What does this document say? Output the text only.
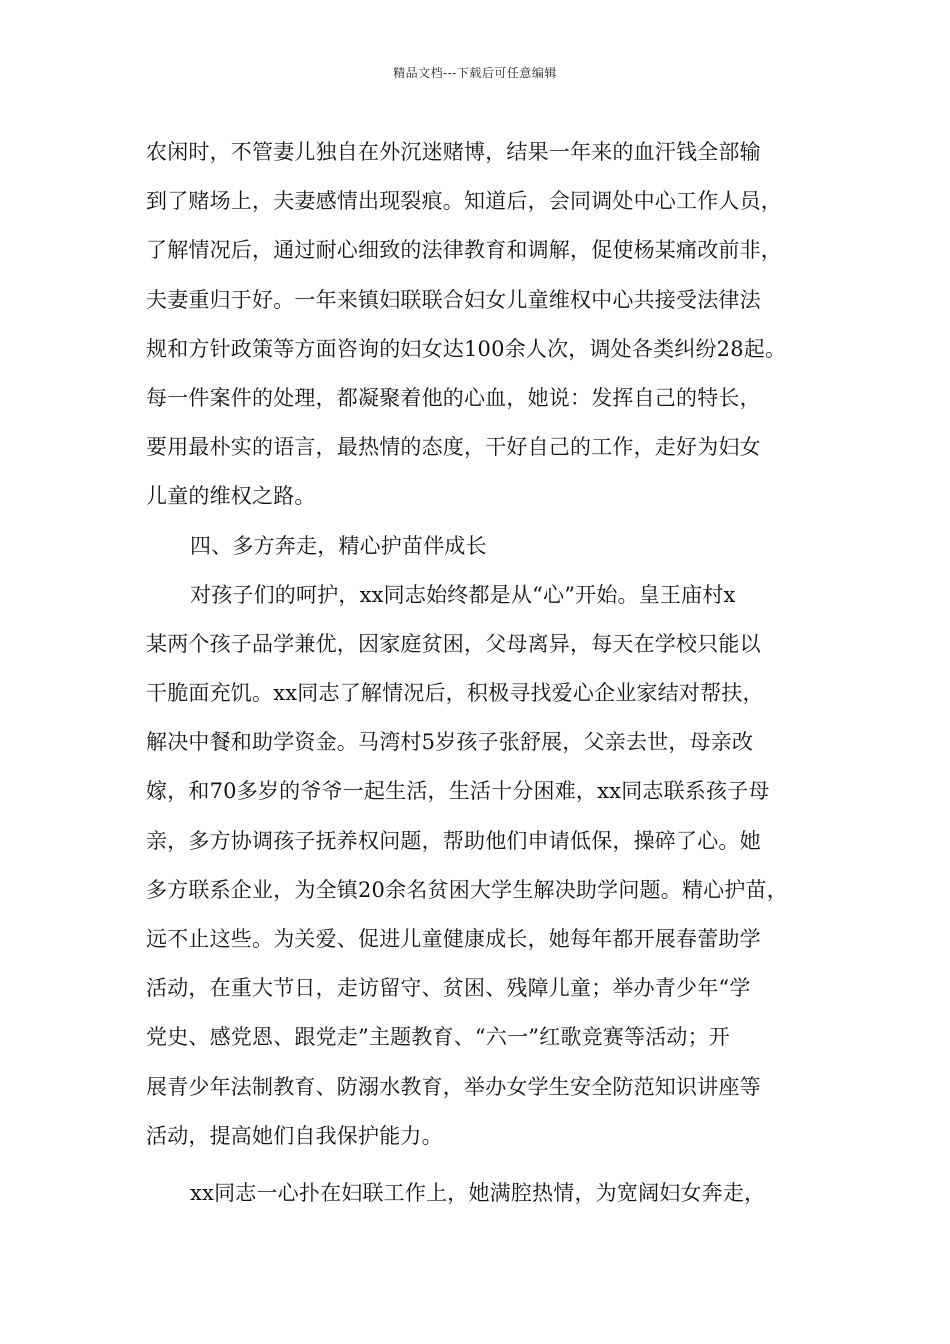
精品文档---下载后可任意编辑
农闲时，不管妻儿独自在外沉迷赌博，结果一年来的血汗钱全部输
到了赌场上，夫妻感情出现裂痕。知道后，会同调处中心工作人员，
了解情况后，通过耐心细致的法律教育和调解，促使杨某痛改前非，
夫妻重归于好。一年来镇妇联联合妇女儿童维权中心共接受法律法
规和方针政策等方面咨询的妇女达100余人次，调处各类纠纷28起。
每一件案件的处理，都凝聚着他的心血，她说：发挥自己的特长，
要用最朴实的语言，最热情的态度，干好自己的工作，走好为妇女
儿童的维权之路。
四、多方奔走，精心护苗伴成长
对孩子们的呵护，xx同志始终都是从“心”开始。皇王庙村x
某两个孩子品学兼优，因家庭贫困，父母离异，每天在学校只能以
干脆面充饥。xx同志了解情况后，积极寻找爱心企业家结对帮扶，
解决中餐和助学资金。马湾村5岁孩子张舒展，父亲去世，母亲改
嫁，和70多岁的爷爷一起生活，生活十分困难，xx同志联系孩子母
亲，多方协调孩子抚养权问题，帮助他们申请低保，操碎了心。她
多方联系企业，为全镇20余名贫困大学生解决助学问题。精心护苗，
远不止这些。为关爱、促进儿童健康成长，她每年都开展春蕾助学
活动，在重大节日，走访留守、贫困、残障儿童；举办青少年“学
党史、感党恩、跟党走”主题教育、“六一”红歌竞赛等活动；开
展青少年法制教育、防溺水教育，举办女学生安全防范知识讲座等
活动，提高她们自我保护能力。
xx同志一心扑在妇联工作上，她满腔热情，为宽阔妇女奔走，
